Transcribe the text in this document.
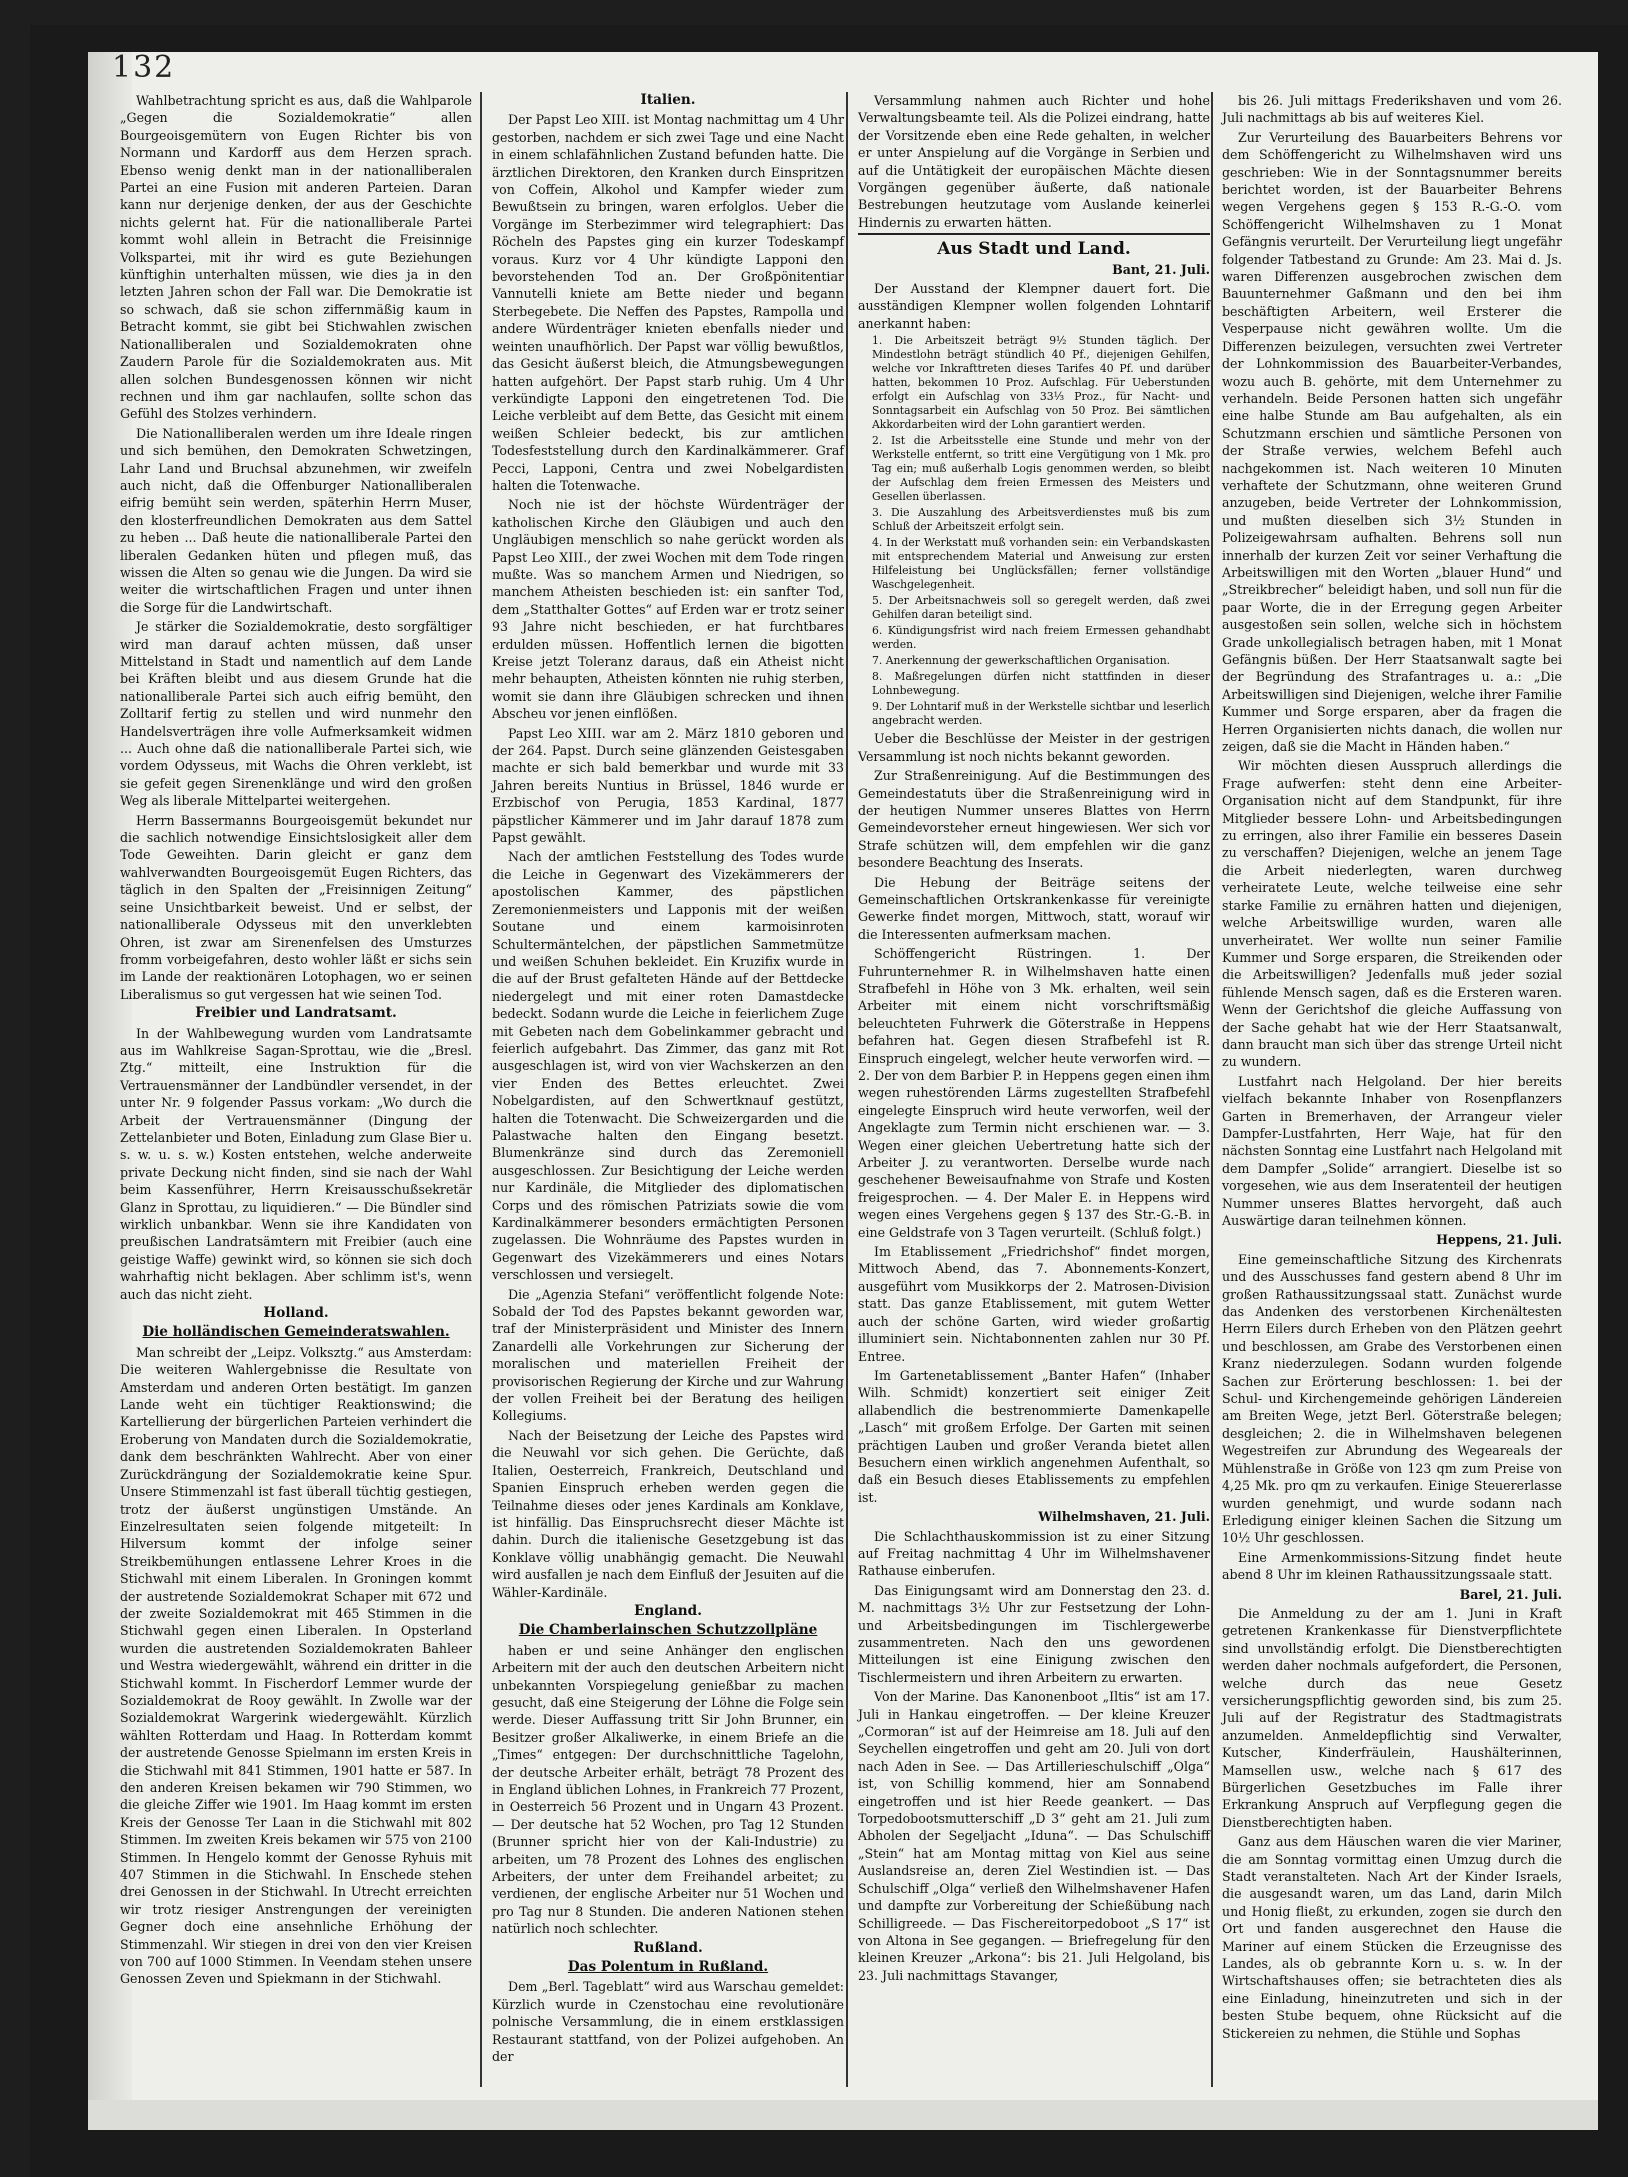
132

Wahlbetrachtung spricht es aus, daß die Wahlparole „Gegen die Sozialdemokratie“ allen Bourgeoisgemütern von Eugen Richter bis von Normann und Kardorff aus dem Herzen sprach. Ebenso wenig denkt man in der nationalliberalen Partei an eine Fusion mit anderen Parteien. Daran kann nur derjenige denken, der aus der Geschichte nichts gelernt hat. Für die nationalliberale Partei kommt wohl allein in Betracht die Freisinnige Volkspartei, mit ihr wird es gute Beziehungen künftighin unterhalten müssen, wie dies ja in den letzten Jahren schon der Fall war. Die Demokratie ist so schwach, daß sie schon ziffernmäßig kaum in Betracht kommt, sie gibt bei Stichwahlen zwischen Nationalliberalen und Sozialdemokraten ohne Zaudern Parole für die Sozialdemokraten aus. Mit allen solchen Bundesgenossen können wir nicht rechnen und ihm gar nachlaufen, sollte schon das Gefühl des Stolzes verhindern.

Die Nationalliberalen werden um ihre Ideale ringen und sich bemühen, den Demokraten Schwetzingen, Lahr Land und Bruchsal abzunehmen, wir zweifeln auch nicht, daß die Offenburger Nationalliberalen eifrig bemüht sein werden, späterhin Herrn Muser, den klosterfreundlichen Demokraten aus dem Sattel zu heben ... Daß heute die nationalliberale Partei den liberalen Gedanken hüten und pflegen muß, das wissen die Alten so genau wie die Jungen. Da wird sie weiter die wirtschaftlichen Fragen und unter ihnen die Sorge für die Landwirtschaft.

Je stärker die Sozialdemokratie, desto sorgfältiger wird man darauf achten müssen, daß unser Mittelstand in Stadt und namentlich auf dem Lande bei Kräften bleibt und aus diesem Grunde hat die nationalliberale Partei sich auch eifrig bemüht, den Zolltarif fertig zu stellen und wird nunmehr den Handelsverträgen ihre volle Aufmerksamkeit widmen ... Auch ohne daß die nationalliberale Partei sich, wie vordem Odysseus, mit Wachs die Ohren verklebt, ist sie gefeit gegen Sirenenklänge und wird den großen Weg als liberale Mittelpartei weitergehen.

Herrn Bassermanns Bourgeoisgemüt bekundet nur die sachlich notwendige Einsichtslosigkeit aller dem Tode Geweihten. Darin gleicht er ganz dem wahlverwandten Bourgeoisgemüt Eugen Richters, das täglich in den Spalten der „Freisinnigen Zeitung“ seine Unsichtbarkeit beweist. Und er selbst, der nationalliberale Odysseus mit den unverklebten Ohren, ist zwar am Sirenenfelsen des Umsturzes fromm vorbeigefahren, desto wohler läßt er sichs sein im Lande der reaktionären Lotophagen, wo er seinen Liberalismus so gut vergessen hat wie seinen Tod.

Freibier und Landratsamt.

In der Wahlbewegung wurden vom Landratsamte aus im Wahlkreise Sagan-Sprottau, wie die „Bresl. Ztg.“ mitteilt, eine Instruktion für die Vertrauensmänner der Landbündler versendet, in der unter Nr. 9 folgender Passus vorkam: „Wo durch die Arbeit der Vertrauensmänner (Dingung der Zettelanbieter und Boten, Einladung zum Glase Bier u. s. w. u. s. w.) Kosten entstehen, welche anderweite private Deckung nicht finden, sind sie nach der Wahl beim Kassenführer, Herrn Kreisausschußsekretär Glanz in Sprottau, zu liquidieren.“ — Die Bündler sind wirklich unbankbar. Wenn sie ihre Kandidaten von preußischen Landratsämtern mit Freibier (auch eine geistige Waffe) gewinkt wird, so können sie sich doch wahrhaftig nicht beklagen. Aber schlimm ist's, wenn auch das nicht zieht.

Holland.

Die holländischen Gemeinderatswahlen.

Man schreibt der „Leipz. Volksztg.“ aus Amsterdam: Die weiteren Wahlergebnisse die Resultate von Amsterdam und anderen Orten bestätigt. Im ganzen Lande weht ein tüchtiger Reaktionswind; die Kartellierung der bürgerlichen Parteien verhindert die Eroberung von Mandaten durch die Sozialdemokratie, dank dem beschränkten Wahlrecht. Aber von einer Zurückdrängung der Sozialdemokratie keine Spur. Unsere Stimmenzahl ist fast überall tüchtig gestiegen, trotz der äußerst ungünstigen Umstände. An Einzelresultaten seien folgende mitgeteilt: In Hilversum kommt der infolge seiner Streikbemühungen entlassene Lehrer Kroes in die Stichwahl mit einem Liberalen. In Groningen kommt der austretende Sozialdemokrat Schaper mit 672 und der zweite Sozialdemokrat mit 465 Stimmen in die Stichwahl gegen einen Liberalen. In Opsterland wurden die austretenden Sozialdemokraten Bahleer und Westra wiedergewählt, während ein dritter in die Stichwahl kommt. In Fischerdorf Lemmer wurde der Sozialdemokrat de Rooy gewählt. In Zwolle war der Sozialdemokrat Wargerink wiedergewählt. Kürzlich wählten Rotterdam und Haag. In Rotterdam kommt der austretende Genosse Spielmann im ersten Kreis in die Stichwahl mit 841 Stimmen, 1901 hatte er 587. In den anderen Kreisen bekamen wir 790 Stimmen, wo die gleiche Ziffer wie 1901. Im Haag kommt im ersten Kreis der Genosse Ter Laan in die Stichwahl mit 802 Stimmen. Im zweiten Kreis bekamen wir 575 von 2100 Stimmen. In Hengelo kommt der Genosse Ryhuis mit 407 Stimmen in die Stichwahl. In Enschede stehen drei Genossen in der Stichwahl. In Utrecht erreichten wir trotz riesiger Anstrengungen der vereinigten Gegner doch eine ansehnliche Erhöhung der Stimmenzahl. Wir stiegen in drei von den vier Kreisen von 700 auf 1000 Stimmen. In Veendam stehen unsere Genossen Zeven und Spiekmann in der Stichwahl.

Italien.

Der Papst Leo XIII. ist Montag nachmittag um 4 Uhr gestorben, nachdem er sich zwei Tage und eine Nacht in einem schlafähnlichen Zustand befunden hatte. Die ärztlichen Direktoren, den Kranken durch Einspritzen von Coffein, Alkohol und Kampfer wieder zum Bewußtsein zu bringen, waren erfolglos. Ueber die Vorgänge im Sterbezimmer wird telegraphiert: Das Röcheln des Papstes ging ein kurzer Todeskampf voraus. Kurz vor 4 Uhr kündigte Lapponi den bevorstehenden Tod an. Der Großpönitentiar Vannutelli kniete am Bette nieder und begann Sterbegebete. Die Neffen des Papstes, Rampolla und andere Würdenträger knieten ebenfalls nieder und weinten unaufhörlich. Der Papst war völlig bewußtlos, das Gesicht äußerst bleich, die Atmungsbewegungen hatten aufgehört. Der Papst starb ruhig. Um 4 Uhr verkündigte Lapponi den eingetretenen Tod. Die Leiche verbleibt auf dem Bette, das Gesicht mit einem weißen Schleier bedeckt, bis zur amtlichen Todesfeststellung durch den Kardinalkämmerer. Graf Pecci, Lapponi, Centra und zwei Nobelgardisten halten die Totenwache.

Noch nie ist der höchste Würdenträger der katholischen Kirche den Gläubigen und auch den Ungläubigen menschlich so nahe gerückt worden als Papst Leo XIII., der zwei Wochen mit dem Tode ringen mußte. Was so manchem Armen und Niedrigen, so manchem Atheisten beschieden ist: ein sanfter Tod, dem „Statthalter Gottes“ auf Erden war er trotz seiner 93 Jahre nicht beschieden, er hat furchtbares erdulden müssen. Hoffentlich lernen die bigotten Kreise jetzt Toleranz daraus, daß ein Atheist nicht mehr behaupten, Atheisten könnten nie ruhig sterben, womit sie dann ihre Gläubigen schrecken und ihnen Abscheu vor jenen einflößen.

Papst Leo XIII. war am 2. März 1810 geboren und der 264. Papst. Durch seine glänzenden Geistesgaben machte er sich bald bemerkbar und wurde mit 33 Jahren bereits Nuntius in Brüssel, 1846 wurde er Erzbischof von Perugia, 1853 Kardinal, 1877 päpstlicher Kämmerer und im Jahr darauf 1878 zum Papst gewählt.

Nach der amtlichen Feststellung des Todes wurde die Leiche in Gegenwart des Vizekämmerers der apostolischen Kammer, des päpstlichen Zeremonienmeisters und Lapponis mit der weißen Soutane und einem karmoisinroten Schultermäntelchen, der päpstlichen Sammetmütze und weißen Schuhen bekleidet. Ein Kruzifix wurde in die auf der Brust gefalteten Hände auf der Bettdecke niedergelegt und mit einer roten Damastdecke bedeckt. Sodann wurde die Leiche in feierlichem Zuge mit Gebeten nach dem Gobelinkammer gebracht und feierlich aufgebahrt. Das Zimmer, das ganz mit Rot ausgeschlagen ist, wird von vier Wachskerzen an den vier Enden des Bettes erleuchtet. Zwei Nobelgardisten, auf den Schwertknauf gestützt, halten die Totenwacht. Die Schweizergarden und die Palastwache halten den Eingang besetzt. Blumenkränze sind durch das Zeremoniell ausgeschlossen. Zur Besichtigung der Leiche werden nur Kardinäle, die Mitglieder des diplomatischen Corps und des römischen Patriziats sowie die vom Kardinalkämmerer besonders ermächtigten Personen zugelassen. Die Wohnräume des Papstes wurden in Gegenwart des Vizekämmerers und eines Notars verschlossen und versiegelt.

Die „Agenzia Stefani“ veröffentlicht folgende Note: Sobald der Tod des Papstes bekannt geworden war, traf der Ministerpräsident und Minister des Innern Zanardelli alle Vorkehrungen zur Sicherung der moralischen und materiellen Freiheit der provisorischen Regierung der Kirche und zur Wahrung der vollen Freiheit bei der Beratung des heiligen Kollegiums.

Nach der Beisetzung der Leiche des Papstes wird die Neuwahl vor sich gehen. Die Gerüchte, daß Italien, Oesterreich, Frankreich, Deutschland und Spanien Einspruch erheben werden gegen die Teilnahme dieses oder jenes Kardinals am Konklave, ist hinfällig. Das Einspruchsrecht dieser Mächte ist dahin. Durch die italienische Gesetzgebung ist das Konklave völlig unabhängig gemacht. Die Neuwahl wird ausfallen je nach dem Einfluß der Jesuiten auf die Wähler-Kardinäle.

England.

Die Chamberlainschen Schutzzollpläne

haben er und seine Anhänger den englischen Arbeitern mit der auch den deutschen Arbeitern nicht unbekannten Vorspiegelung genießbar zu machen gesucht, daß eine Steigerung der Löhne die Folge sein werde. Dieser Auffassung tritt Sir John Brunner, ein Besitzer großer Alkaliwerke, in einem Briefe an die „Times“ entgegen: Der durchschnittliche Tagelohn, der deutsche Arbeiter erhält, beträgt 78 Prozent des in England üblichen Lohnes, in Frankreich 77 Prozent, in Oesterreich 56 Prozent und in Ungarn 43 Prozent. — Der deutsche hat 52 Wochen, pro Tag 12 Stunden (Brunner spricht hier von der Kali-Industrie) zu arbeiten, um 78 Prozent des Lohnes des englischen Arbeiters, der unter dem Freihandel arbeitet; zu verdienen, der englische Arbeiter nur 51 Wochen und pro Tag nur 8 Stunden. Die anderen Nationen stehen natürlich noch schlechter.

Rußland.

Das Polentum in Rußland.

Dem „Berl. Tageblatt“ wird aus Warschau gemeldet: Kürzlich wurde in Czenstochau eine revolutionäre polnische Versammlung, die in einem erstklassigen Restaurant stattfand, von der Polizei aufgehoben. An der

Versammlung nahmen auch Richter und hohe Verwaltungsbeamte teil. Als die Polizei eindrang, hatte der Vorsitzende eben eine Rede gehalten, in welcher er unter Anspielung auf die Vorgänge in Serbien und auf die Untätigkeit der europäischen Mächte diesen Vorgängen gegenüber äußerte, daß nationale Bestrebungen heutzutage vom Auslande keinerlei Hindernis zu erwarten hätten.

Aus Stadt und Land.

Bant, 21. Juli.

Der Ausstand der Klempner dauert fort. Die ausständigen Klempner wollen folgenden Lohntarif anerkannt haben:

1. Die Arbeitszeit beträgt 9½ Stunden täglich. Der Mindestlohn beträgt stündlich 40 Pf., diejenigen Gehilfen, welche vor Inkrafttreten dieses Tarifes 40 Pf. und darüber hatten, bekommen 10 Proz. Aufschlag. Für Ueberstunden erfolgt ein Aufschlag von 33⅓ Proz., für Nacht- und Sonntagsarbeit ein Aufschlag von 50 Proz. Bei sämtlichen Akkordarbeiten wird der Lohn garantiert werden.

2. Ist die Arbeitsstelle eine Stunde und mehr von der Werkstelle entfernt, so tritt eine Vergütigung von 1 Mk. pro Tag ein; muß außerhalb Logis genommen werden, so bleibt der Aufschlag dem freien Ermessen des Meisters und Gesellen überlassen.

3. Die Auszahlung des Arbeitsverdienstes muß bis zum Schluß der Arbeitszeit erfolgt sein.

4. In der Werkstatt muß vorhanden sein: ein Verbandskasten mit entsprechendem Material und Anweisung zur ersten Hilfeleistung bei Unglücksfällen; ferner vollständige Waschgelegenheit.

5. Der Arbeitsnachweis soll so geregelt werden, daß zwei Gehilfen daran beteiligt sind.

6. Kündigungsfrist wird nach freiem Ermessen gehandhabt werden.

7. Anerkennung der gewerkschaftlichen Organisation.

8. Maßregelungen dürfen nicht stattfinden in dieser Lohnbewegung.

9. Der Lohntarif muß in der Werkstelle sichtbar und leserlich angebracht werden.

Ueber die Beschlüsse der Meister in der gestrigen Versammlung ist noch nichts bekannt geworden.

Zur Straßenreinigung. Auf die Bestimmungen des Gemeindestatuts über die Straßenreinigung wird in der heutigen Nummer unseres Blattes von Herrn Gemeindevorsteher erneut hingewiesen. Wer sich vor Strafe schützen will, dem empfehlen wir die ganz besondere Beachtung des Inserats.

Die Hebung der Beiträge seitens der Gemeinschaftlichen Ortskrankenkasse für vereinigte Gewerke findet morgen, Mittwoch, statt, worauf wir die Interessenten aufmerksam machen.

Schöffengericht Rüstringen. 1. Der Fuhrunternehmer R. in Wilhelmshaven hatte einen Strafbefehl in Höhe von 3 Mk. erhalten, weil sein Arbeiter mit einem nicht vorschriftsmäßig beleuchteten Fuhrwerk die Göterstraße in Heppens befahren hat. Gegen diesen Strafbefehl ist R. Einspruch eingelegt, welcher heute verworfen wird. — 2. Der von dem Barbier P. in Heppens gegen einen ihm wegen ruhestörenden Lärms zugestellten Strafbefehl eingelegte Einspruch wird heute verworfen, weil der Angeklagte zum Termin nicht erschienen war. — 3. Wegen einer gleichen Uebertretung hatte sich der Arbeiter J. zu verantworten. Derselbe wurde nach geschehener Beweisaufnahme von Strafe und Kosten freigesprochen. — 4. Der Maler E. in Heppens wird wegen eines Vergehens gegen § 137 des Str.-G.-B. in eine Geldstrafe von 3 Tagen verurteilt. (Schluß folgt.)

Im Etablissement „Friedrichshof“ findet morgen, Mittwoch Abend, das 7. Abonnements-Konzert, ausgeführt vom Musikkorps der 2. Matrosen-Division statt. Das ganze Etablissement, mit gutem Wetter auch der schöne Garten, wird wieder großartig illuminiert sein. Nichtabonnenten zahlen nur 30 Pf. Entree.

Im Gartenetablissement „Banter Hafen“ (Inhaber Wilh. Schmidt) konzertiert seit einiger Zeit allabendlich die bestrenommierte Damenkapelle „Lasch“ mit großem Erfolge. Der Garten mit seinen prächtigen Lauben und großer Veranda bietet allen Besuchern einen wirklich angenehmen Aufenthalt, so daß ein Besuch dieses Etablissements zu empfehlen ist.

Wilhelmshaven, 21. Juli.

Die Schlachthauskommission ist zu einer Sitzung auf Freitag nachmittag 4 Uhr im Wilhelmshavener Rathause einberufen.

Das Einigungsamt wird am Donnerstag den 23. d. M. nachmittags 3½ Uhr zur Festsetzung der Lohn- und Arbeitsbedingungen im Tischlergewerbe zusammentreten. Nach den uns gewordenen Mitteilungen ist eine Einigung zwischen den Tischlermeistern und ihren Arbeitern zu erwarten.

Von der Marine. Das Kanonenboot „Iltis“ ist am 17. Juli in Hankau eingetroffen. — Der kleine Kreuzer „Cormoran“ ist auf der Heimreise am 18. Juli auf den Seychellen eingetroffen und geht am 20. Juli von dort nach Aden in See. — Das Artillerieschulschiff „Olga“ ist, von Schillig kommend, hier am Sonnabend eingetroffen und ist hier Reede geankert. — Das Torpedobootsmutterschiff „D 3“ geht am 21. Juli zum Abholen der Segeljacht „Iduna“. — Das Schulschiff „Stein“ hat am Montag mittag von Kiel aus seine Auslandsreise an, deren Ziel Westindien ist. — Das Schulschiff „Olga“ verließ den Wilhelmshavener Hafen und dampfte zur Vorbereitung der Schießübung nach Schilligreede. — Das Fischereitorpedoboot „S 17“ ist von Altona in See gegangen. — Briefregelung für den kleinen Kreuzer „Arkona“: bis 21. Juli Helgoland, bis 23. Juli nachmittags Stavanger,

bis 26. Juli mittags Frederikshaven und vom 26. Juli nachmittags ab bis auf weiteres Kiel.

Zur Verurteilung des Bauarbeiters Behrens vor dem Schöffengericht zu Wilhelmshaven wird uns geschrieben: Wie in der Sonntagsnummer bereits berichtet worden, ist der Bauarbeiter Behrens wegen Vergehens gegen § 153 R.-G.-O. vom Schöffengericht Wilhelmshaven zu 1 Monat Gefängnis verurteilt. Der Verurteilung liegt ungefähr folgender Tatbestand zu Grunde: Am 23. Mai d. Js. waren Differenzen ausgebrochen zwischen dem Bauunternehmer Gaßmann und den bei ihm beschäftigten Arbeitern, weil Ersterer die Vesperpause nicht gewähren wollte. Um die Differenzen beizulegen, versuchten zwei Vertreter der Lohnkommission des Bauarbeiter-Verbandes, wozu auch B. gehörte, mit dem Unternehmer zu verhandeln. Beide Personen hatten sich ungefähr eine halbe Stunde am Bau aufgehalten, als ein Schutzmann erschien und sämtliche Personen von der Straße verwies, welchem Befehl auch nachgekommen ist. Nach weiteren 10 Minuten verhaftete der Schutzmann, ohne weiteren Grund anzugeben, beide Vertreter der Lohnkommission, und mußten dieselben sich 3½ Stunden in Polizeigewahrsam aufhalten. Behrens soll nun innerhalb der kurzen Zeit vor seiner Verhaftung die Arbeitswilligen mit den Worten „blauer Hund“ und „Streikbrecher“ beleidigt haben, und soll nun für die paar Worte, die in der Erregung gegen Arbeiter ausgestoßen sein sollen, welche sich in höchstem Grade unkollegialisch betragen haben, mit 1 Monat Gefängnis büßen. Der Herr Staatsanwalt sagte bei der Begründung des Strafantrages u. a.: „Die Arbeitswilligen sind Diejenigen, welche ihrer Familie Kummer und Sorge ersparen, aber da fragen die Herren Organisierten nichts danach, die wollen nur zeigen, daß sie die Macht in Händen haben.“

Wir möchten diesen Ausspruch allerdings die Frage aufwerfen: steht denn eine Arbeiter-Organisation nicht auf dem Standpunkt, für ihre Mitglieder bessere Lohn- und Arbeitsbedingungen zu erringen, also ihrer Familie ein besseres Dasein zu verschaffen? Diejenigen, welche an jenem Tage die Arbeit niederlegten, waren durchweg verheiratete Leute, welche teilweise eine sehr starke Familie zu ernähren hatten und diejenigen, welche Arbeitswillige wurden, waren alle unverheiratet. Wer wollte nun seiner Familie Kummer und Sorge ersparen, die Streikenden oder die Arbeitswilligen? Jedenfalls muß jeder sozial fühlende Mensch sagen, daß es die Ersteren waren. Wenn der Gerichtshof die gleiche Auffassung von der Sache gehabt hat wie der Herr Staatsanwalt, dann braucht man sich über das strenge Urteil nicht zu wundern.

Lustfahrt nach Helgoland. Der hier bereits vielfach bekannte Inhaber von Rosenpflanzers Garten in Bremerhaven, der Arrangeur vieler Dampfer-Lustfahrten, Herr Waje, hat für den nächsten Sonntag eine Lustfahrt nach Helgoland mit dem Dampfer „Solide“ arrangiert. Dieselbe ist so vorgesehen, wie aus dem Inseratenteil der heutigen Nummer unseres Blattes hervorgeht, daß auch Auswärtige daran teilnehmen können.

Heppens, 21. Juli.

Eine gemeinschaftliche Sitzung des Kirchenrats und des Ausschusses fand gestern abend 8 Uhr im großen Rathaussitzungssaal statt. Zunächst wurde das Andenken des verstorbenen Kirchenältesten Herrn Eilers durch Erheben von den Plätzen geehrt und beschlossen, am Grabe des Verstorbenen einen Kranz niederzulegen. Sodann wurden folgende Sachen zur Erörterung beschlossen: 1. bei der Schul- und Kirchengemeinde gehörigen Ländereien am Breiten Wege, jetzt Berl. Göterstraße belegen; desgleichen; 2. die in Wilhelmshaven belegenen Wegestreifen zur Abrundung des Wegeareals der Mühlenstraße in Größe von 123 qm zum Preise von 4,25 Mk. pro qm zu verkaufen. Einige Steuererlasse wurden genehmigt, und wurde sodann nach Erledigung einiger kleinen Sachen die Sitzung um 10½ Uhr geschlossen.

Eine Armenkommissions-Sitzung findet heute abend 8 Uhr im kleinen Rathaussitzungssaale statt.

Barel, 21. Juli.

Die Anmeldung zu der am 1. Juni in Kraft getretenen Krankenkasse für Dienstverpflichtete sind unvollständig erfolgt. Die Dienstberechtigten werden daher nochmals aufgefordert, die Personen, welche durch das neue Gesetz versicherungspflichtig geworden sind, bis zum 25. Juli auf der Registratur des Stadtmagistrats anzumelden. Anmeldepflichtig sind Verwalter, Kutscher, Kinderfräulein, Haushälterinnen, Mamsellen usw., welche nach § 617 des Bürgerlichen Gesetzbuches im Falle ihrer Erkrankung Anspruch auf Verpflegung gegen die Dienstberechtigten haben.

Ganz aus dem Häuschen waren die vier Mariner, die am Sonntag vormittag einen Umzug durch die Stadt veranstalteten. Nach Art der Kinder Israels, die ausgesandt waren, um das Land, darin Milch und Honig fließt, zu erkunden, zogen sie durch den Ort und fanden ausgerechnet den Hause die Mariner auf einem Stücken die Erzeugnisse des Landes, als ob gebrannte Korn u. s. w. In der Wirtschaftshauses offen; sie betrachteten dies als eine Einladung, hineinzutreten und sich in der besten Stube bequem, ohne Rücksicht auf die Stickereien zu nehmen, die Stühle und Sophas
